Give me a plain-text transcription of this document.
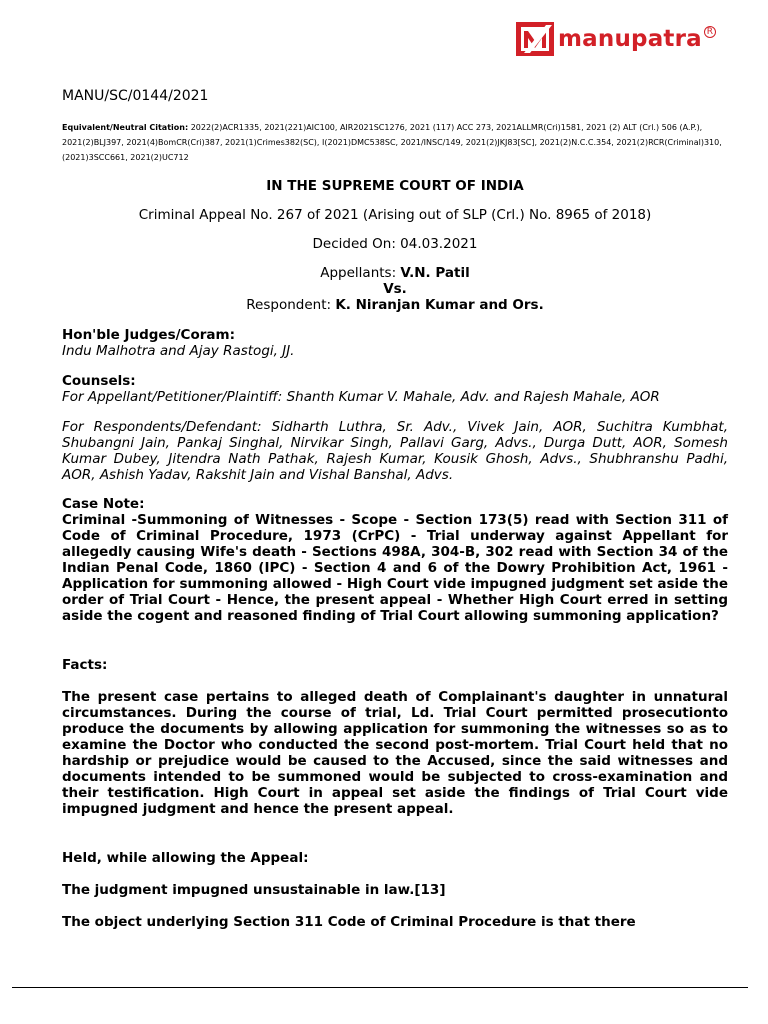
manupatra R
MANU/SC/0144/2021
Equivalent/Neutral Citation: 2022(2)ACR1335, 2021(221)AIC100, AIR2021SC1276, 2021 (117) ACC 273, 2021ALLMR(Cri)1581, 2021 (2) ALT (Crl.) 506 (A.P.), 2021(2)BLJ397, 2021(4)BomCR(Cri)387, 2021(1)Crimes382(SC), I(2021)DMC538SC, 2021/INSC/149, 2021(2)JKJ83[SC], 2021(2)N.C.C.354, 2021(2)RCR(Criminal)310, (2021)3SCC661, 2021(2)UC712
IN THE SUPREME COURT OF INDIA
Criminal Appeal No. 267 of 2021 (Arising out of SLP (Crl.) No. 8965 of 2018)
Decided On: 04.03.2021
Appellants: V.N. Patil
Vs.
Respondent: K. Niranjan Kumar and Ors.
Hon'ble Judges/Coram:
Indu Malhotra and Ajay Rastogi, JJ.
Counsels:
For Appellant/Petitioner/Plaintiff: Shanth Kumar V. Mahale, Adv. and Rajesh Mahale, AOR
For Respondents/Defendant: Sidharth Luthra, Sr. Adv., Vivek Jain, AOR, Suchitra Kumbhat, Shubangni Jain, Pankaj Singhal, Nirvikar Singh, Pallavi Garg, Advs., Durga Dutt, AOR, Somesh Kumar Dubey, Jitendra Nath Pathak, Rajesh Kumar, Kousik Ghosh, Advs., Shubhranshu Padhi, AOR, Ashish Yadav, Rakshit Jain and Vishal Banshal, Advs.
Case Note:
Criminal -Summoning of Witnesses - Scope - Section 173(5) read with Section 311 of Code of Criminal Procedure, 1973 (CrPC) - Trial underway against Appellant for allegedly causing Wife's death - Sections 498A, 304-B, 302 read with Section 34 of the Indian Penal Code, 1860 (IPC) - Section 4 and 6 of the Dowry Prohibition Act, 1961 - Application for summoning allowed - High Court vide impugned judgment set aside the order of Trial Court - Hence, the present appeal - Whether High Court erred in setting aside the cogent and reasoned finding of Trial Court allowing summoning application?
Facts:
The present case pertains to alleged death of Complainant's daughter in unnatural circumstances. During the course of trial, Ld. Trial Court permitted prosecutionto produce the documents by allowing application for summoning the witnesses so as to examine the Doctor who conducted the second post-mortem. Trial Court held that no hardship or prejudice would be caused to the Accused, since the said witnesses and documents intended to be summoned would be subjected to cross-examination and their testification. High Court in appeal set aside the findings of Trial Court vide impugned judgment and hence the present appeal.
Held, while allowing the Appeal:
The judgment impugned unsustainable in law.[13]
The object underlying Section 311 Code of Criminal Procedure is that there
